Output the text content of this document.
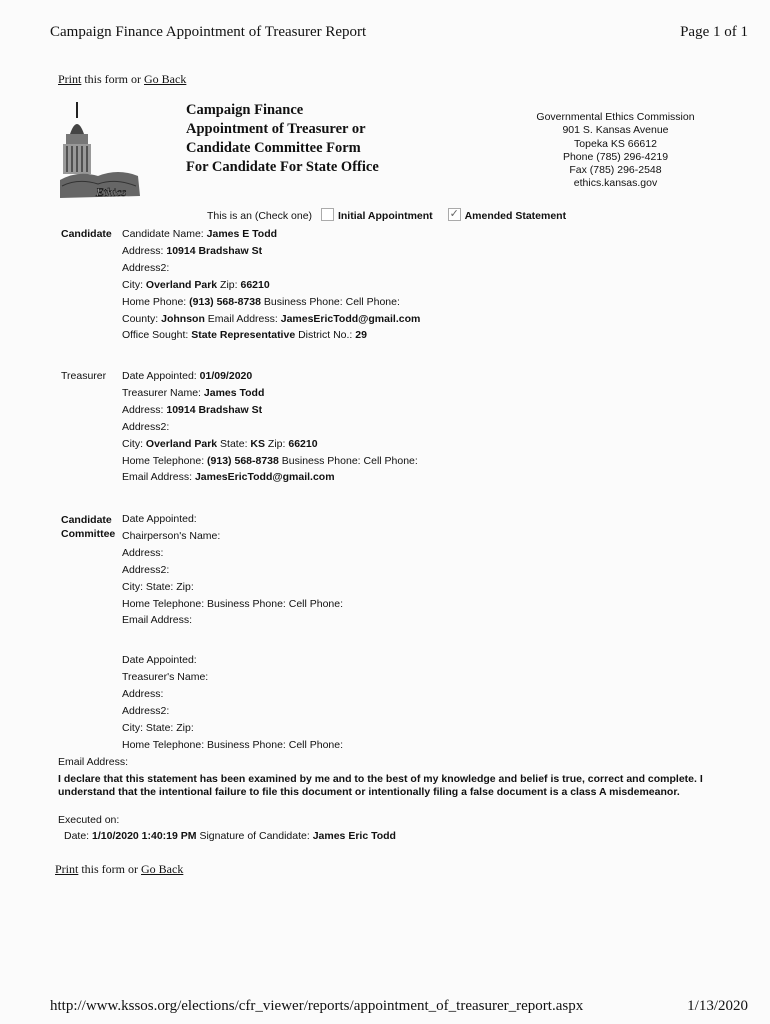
Campaign Finance Appointment of Treasurer Report	Page 1 of 1
Print this form or Go Back
Ethics
Campaign Finance
Appointment of Treasurer or
Candidate Committee Form
For Candidate For State Office
Governmental Ethics Commission
901 S. Kansas Avenue
Topeka KS 66612
Phone (785) 296-4219
Fax (785) 296-2548
ethics.kansas.gov
This is an (Check one) Initial Appointment ✓	Amended Statement
Candidate Candidate Name: James E Todd
Address: 10914 Bradshaw St
Address2:
City: Overland Park Zip: 66210
Home Phone: (913) 568-8738 Business Phone: Cell Phone:
County: Johnson Email Address: JamesEricTodd@gmail.com
Office Sought: State Representative District No.: 29
Treasurer Date Appointed: 01/09/2020
Treasurer Name: James Todd
Address: 10914 Bradshaw St
Address2:
City: Overland Park State: KS Zip: 66210
Home Telephone: (913) 568-8738 Business Phone: Cell Phone:
Email Address: JamesEricTodd@gmail.com
Candidate
Committee
Date Appointed:
Chairperson's Name:
Address:
Address2:
City: State: Zip:
Home Telephone: Business Phone: Cell Phone:
Email Address:
Date Appointed:
Treasurer's Name:
Address:
Address2:
City: State: Zip:
Home Telephone: Business Phone: Cell Phone:
Email Address:
I declare that this statement has been examined by me and to the best of my knowledge and belief is true, correct and complete. I understand that the intentional failure to file this document or intentionally filing a false document is a class A misdemeanor.
Executed on:
Date: 1/10/2020 1:40:19 PM Signature of Candidate: James Eric Todd
Print this form or Go Back
http://www.kssos.org/elections/cfr_viewer/reports/appointment_of_treasurer_report.aspx	1/13/2020
